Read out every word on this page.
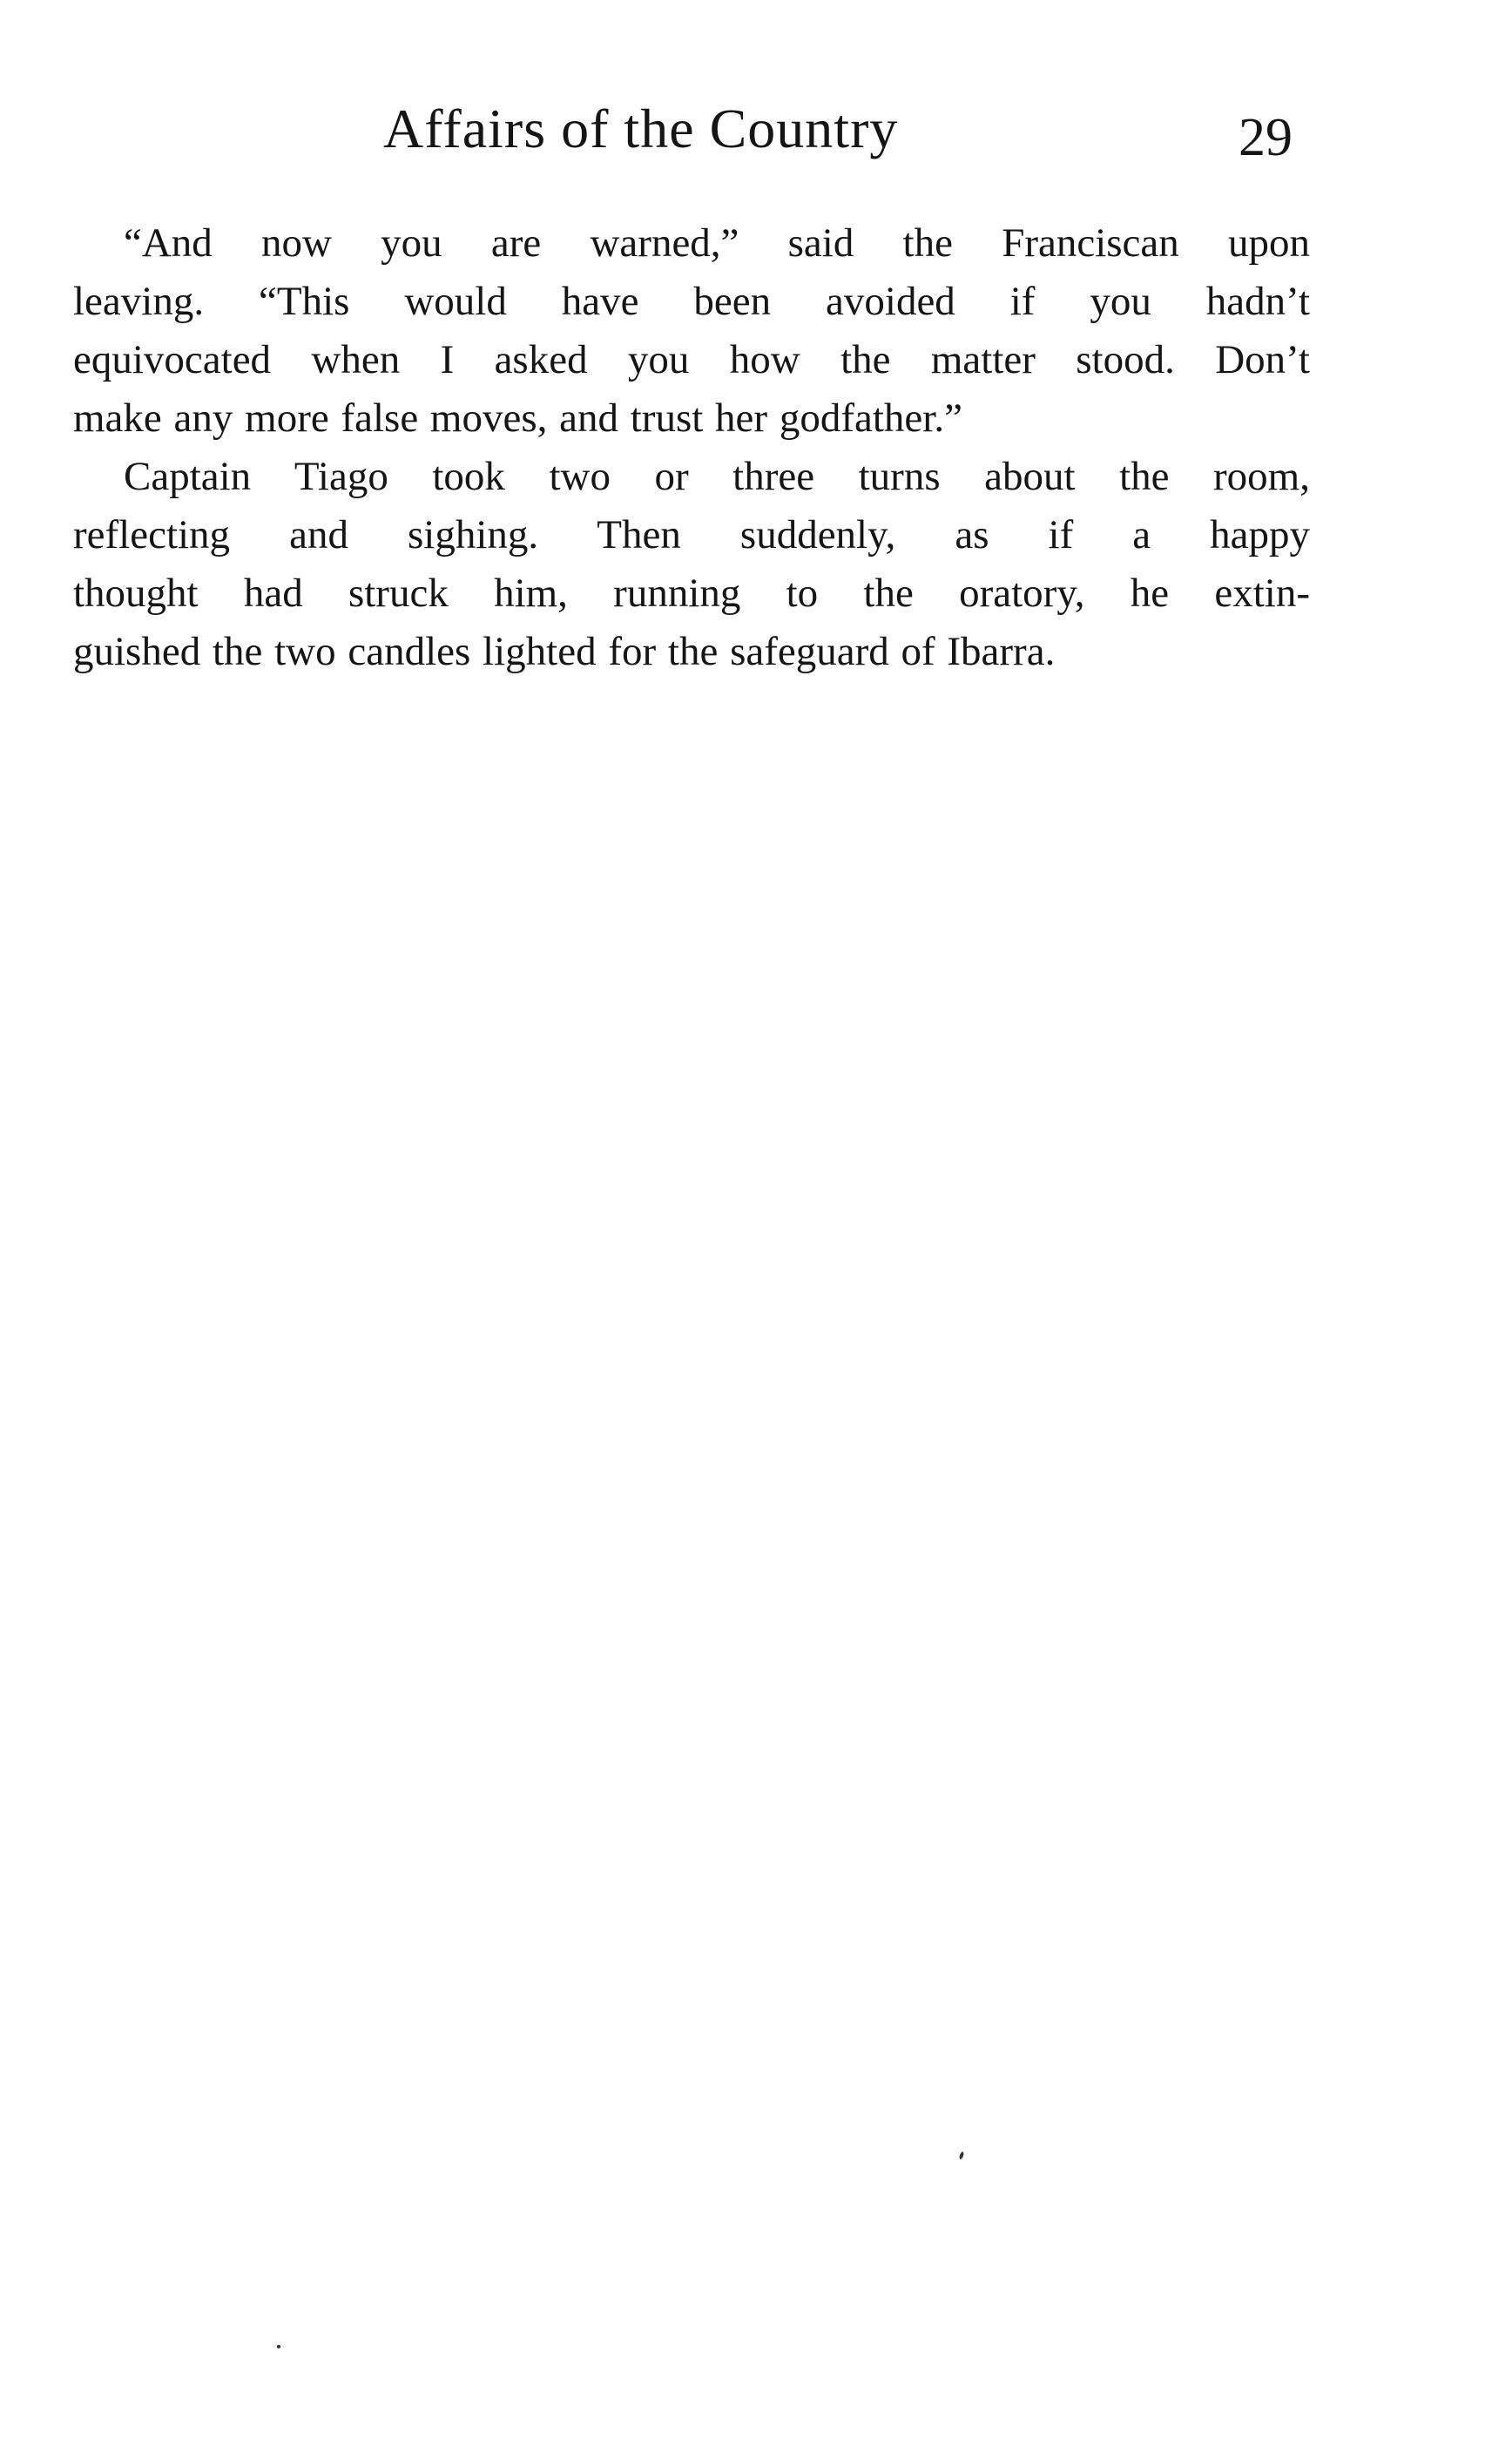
Affairs of the Country	29
“And now you are warned,” said the Franciscan upon
leaving. “This would have been avoided if you hadn’t
equivocated when I asked you how the matter stood. Don’t
make any more false moves, and trust her godfather.”
Captain Tiago took two or three turns about the room,
reflecting and sighing. Then suddenly, as if a happy
thought had struck him, running to the oratory, he extin-
guished the two candles lighted for the safeguard of Ibarra.
